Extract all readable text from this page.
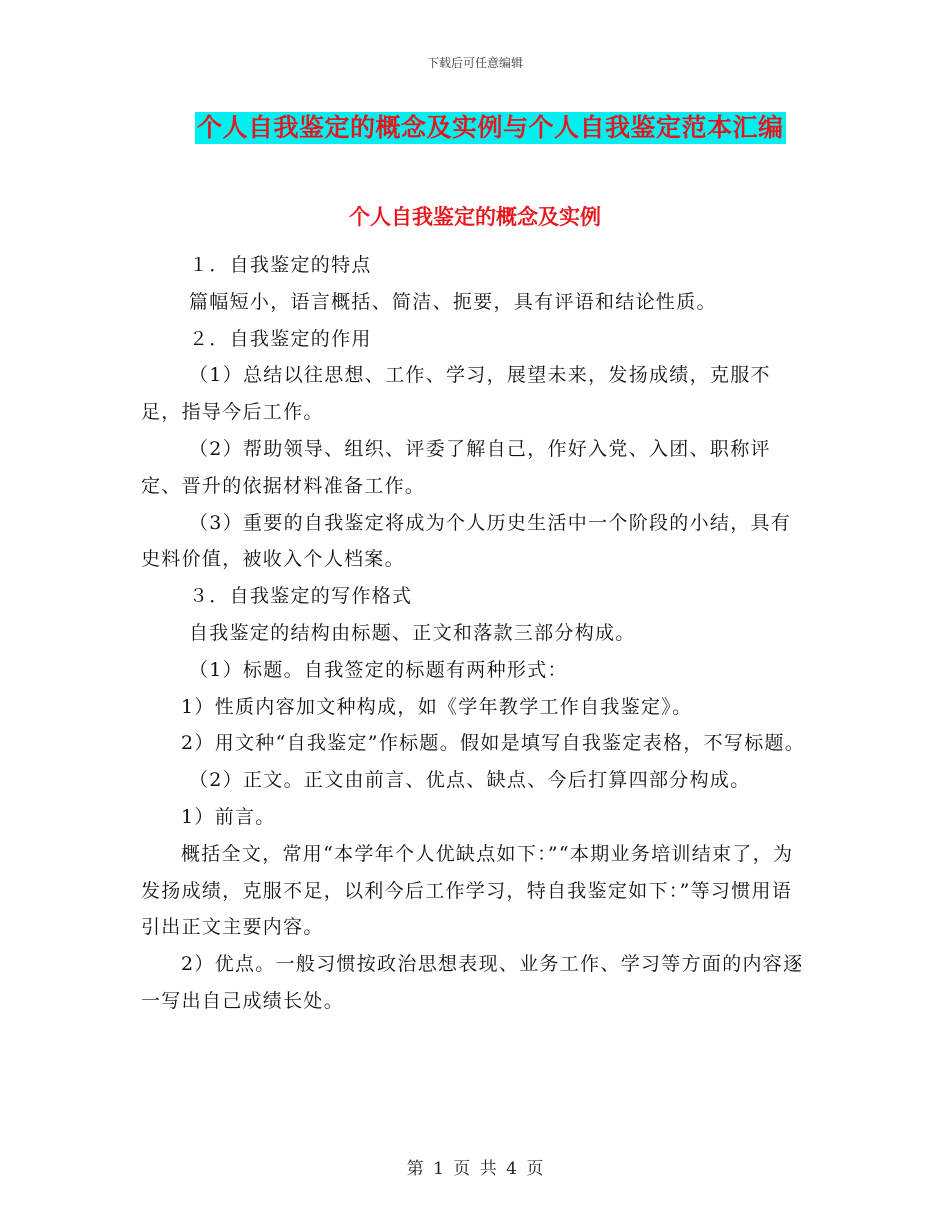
下载后可任意编辑
个人自我鉴定的概念及实例与个人自我鉴定范本汇编
个人自我鉴定的概念及实例

１．自我鉴定的特点

篇幅短小，语言概括、简洁、扼要，具有评语和结论性质。

２．自我鉴定的作用

（1）总结以往思想、工作、学习，展望未来，发扬成绩，克服不足，指导今后工作。

（2）帮助领导、组织、评委了解自己，作好入党、入团、职称评定、晋升的依据材料准备工作。

（3）重要的自我鉴定将成为个人历史生活中一个阶段的小结，具有史料价值，被收入个人档案。

３．自我鉴定的写作格式

自我鉴定的结构由标题、正文和落款三部分构成。

（1）标题。自我签定的标题有两种形式：

1）性质内容加文种构成，如《学年教学工作自我鉴定》。

2）用文种“自我鉴定”作标题。假如是填写自我鉴定表格，不写标题。

（2）正文。正文由前言、优点、缺点、今后打算四部分构成。

1）前言。

概括全文，常用“本学年个人优缺点如下：”“本期业务培训结束了，为发扬成绩，克服不足，以利今后工作学习，特自我鉴定如下：”等习惯用语引出正文主要内容。

2）优点。一般习惯按政治思想表现、业务工作、学习等方面的内容逐一写出自己成绩长处。

第 1 页 共 4 页
